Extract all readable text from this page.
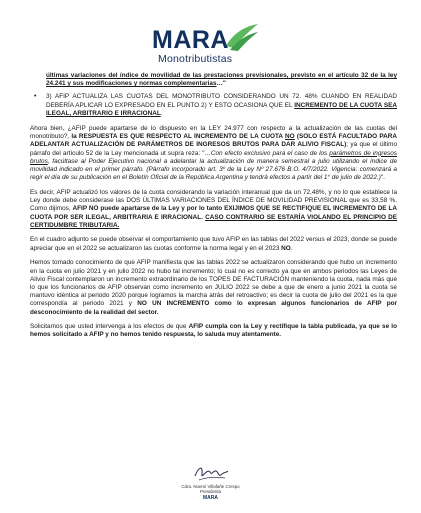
MARA
Monotributistas

últimas variaciones del índice de movilidad de las prestaciones previsionales, previsto en el artículo 32 de la ley 24.241 y sus modificaciones y normas complementarias…"

•	3) AFIP ACTUALIZA LAS CUOTAS DEL MONOTRIBUTO CONSIDERANDO UN 72. 48% CUANDO EN REALIDAD DEBERÍA APLICAR LO EXPRESADO EN EL PUNTO 2) Y ESTO OCASIONA QUE EL INCREMENTO DE LA CUOTA SEA ILEGAL, ARBITRARIO E IRRACIONAL.

Ahora bien, ¿AFIP puede apartarse de lo dispuesto en la LEY 24.977 con respecto a la actualización de las cuotas del monotributo?, la RESPUESTA ES QUE RESPECTO AL INCREMENTO DE LA CUOTA NO (SOLO ESTÁ FACULTADO PARA ADELANTAR ACTUALIZACIÓN DE PARÁMETROS DE INGRESOS BRUTOS PARA DAR ALIVIO FISCAL); ya que el último párrafo del artículo 52 de la Ley mencionada ut supra reza: "…Con efecto exclusivo para el caso de los parámetros de ingresos brutos, facúltase al Poder Ejecutivo nacional a adelantar la actualización de manera semestral a julio utilizando el índice de movilidad indicado en el primer párrafo. (Párrafo incorporado art. 3º de la Ley Nº 27.676 B.O. 4/7/2022. Vigencia: comenzará a regir el día de su publicación en el Boletín Oficial de la República Argentina y tendrá efectos a partir del 1° de julio de 2022.)".

Es decir, AFIP actualizó los valores de la cuota considerando la variación interanual que da un 72,48%, y no lo que establece la Ley donde debe considerase las DOS ÚLTIMAS VARIACIONES DEL ÍNDICE DE MOVILIDAD PREVISIONAL que es 33,58 %. Como dijimos, AFIP NO puede apartarse de la Ley y por lo tanto EXIJIMOS QUE SE RECTIFIQUE EL INCREMENTO DE LA CUOTA POR SER ILEGAL, ARBITRARIA E IRRACIONAL. CASO CONTRARIO SE ESTARÍA VIOLANDO EL PRINCIPIO DE CERTIDUMBRE TRIBUTARIA.

En el cuadro adjunto se puede observar el comportamiento que tuvo AFIP en las tablas del 2022 versus el 2023, donde se puede apreciar que en el 2022 se actualizaron las cuotas conforme la norma legal y en el 2023 NO.

Hemos tomado conocimiento de que AFIP manifiesta que las tablas 2022 se actualizaron considerando que hubo un incremento en la cuota en julio 2021 y en julio 2022 no hubo tal incremento; lo cual no es correcto ya que en ambos periodos las Leyes de Alivio Fiscal contemplaron un incremento extraordinario de los TOPES DE FACTURACIÓN manteniendo la cuota, nada más que lo que los funcionarios de AFIP observan como incremento en JULIO 2022 se debe a que de enero a junio 2021 la cuota se mantuvo idéntica al periodo 2020 porque logramos la marcha atrás del retroactivo; es decir la cuota de julio del 2021 es la que correspondía al periodo 2021 y NO UN INCREMENTO como lo expresan algunos funcionarios de AFIP por desconocimiento de la realidad del sector.

Solicitamos que usted intervenga a los efectos de que AFIP cumpla con la Ley y rectifique la tabla publicada, ya que se lo hemos solicitado a AFIP y no hemos tenido respuesta, lo saluda muy atentamente.

Cdra. Noemí Villafañe Crespo
Presidenta
MARA
